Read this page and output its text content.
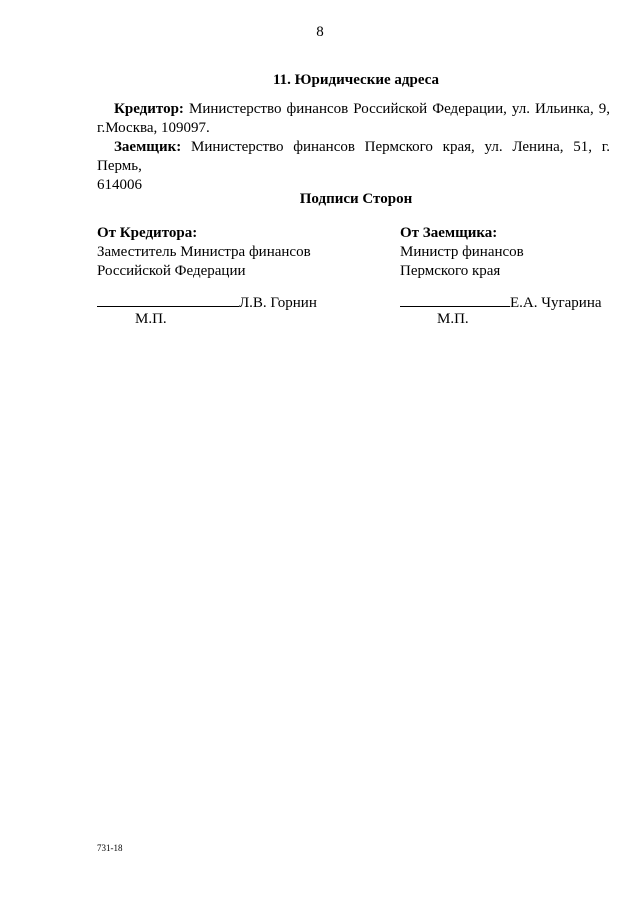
8
11. Юридические адреса
Кредитор: Министерство финансов Российской Федерации, ул. Ильинка, 9,
г.Москва, 109097.
Заемщик: Министерство финансов Пермского края, ул. Ленина, 51, г. Пермь,
614006
Подписи Сторон
От Кредитора:
Заместитель Министра финансов
Российской Федерации
От Заемщика:
Министр финансов
Пермского края
Л.В. Горнин	Е.А. Чугарина
М.П.	М.П.
731-18
